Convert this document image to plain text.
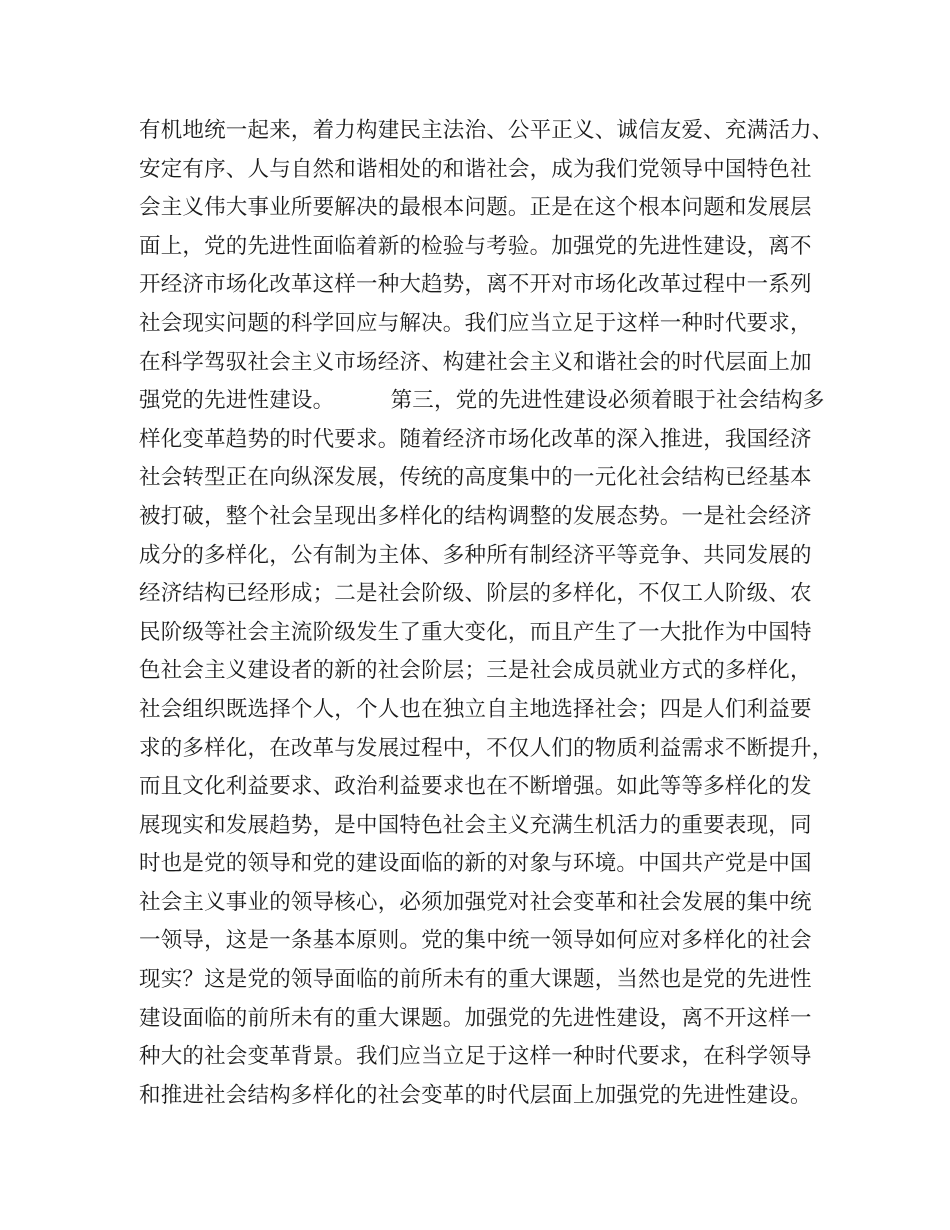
有机地统一起来，着力构建民主法治、公平正义、诚信友爱、充满活力、
安定有序、人与自然和谐相处的和谐社会，成为我们党领导中国特色社
会主义伟大事业所要解决的最根本问题。正是在这个根本问题和发展层
面上，党的先进性面临着新的检验与考验。加强党的先进性建设，离不
开经济市场化改革这样一种大趋势，离不开对市场化改革过程中一系列
社会现实问题的科学回应与解决。我们应当立足于这样一种时代要求，
在科学驾驭社会主义市场经济、构建社会主义和谐社会的时代层面上加
强党的先进性建设。        第三，党的先进性建设必须着眼于社会结构多
样化变革趋势的时代要求。随着经济市场化改革的深入推进，我国经济
社会转型正在向纵深发展，传统的高度集中的一元化社会结构已经基本
被打破，整个社会呈现出多样化的结构调整的发展态势。一是社会经济
成分的多样化，公有制为主体、多种所有制经济平等竞争、共同发展的
经济结构已经形成；二是社会阶级、阶层的多样化，不仅工人阶级、农
民阶级等社会主流阶级发生了重大变化，而且产生了一大批作为中国特
色社会主义建设者的新的社会阶层；三是社会成员就业方式的多样化，
社会组织既选择个人，个人也在独立自主地选择社会；四是人们利益要
求的多样化，在改革与发展过程中，不仅人们的物质利益需求不断提升，
而且文化利益要求、政治利益要求也在不断增强。如此等等多样化的发
展现实和发展趋势，是中国特色社会主义充满生机活力的重要表现，同
时也是党的领导和党的建设面临的新的对象与环境。中国共产党是中国
社会主义事业的领导核心，必须加强党对社会变革和社会发展的集中统
一领导，这是一条基本原则。党的集中统一领导如何应对多样化的社会
现实？这是党的领导面临的前所未有的重大课题，当然也是党的先进性
建设面临的前所未有的重大课题。加强党的先进性建设，离不开这样一
种大的社会变革背景。我们应当立足于这样一种时代要求，在科学领导
和推进社会结构多样化的社会变革的时代层面上加强党的先进性建设。
